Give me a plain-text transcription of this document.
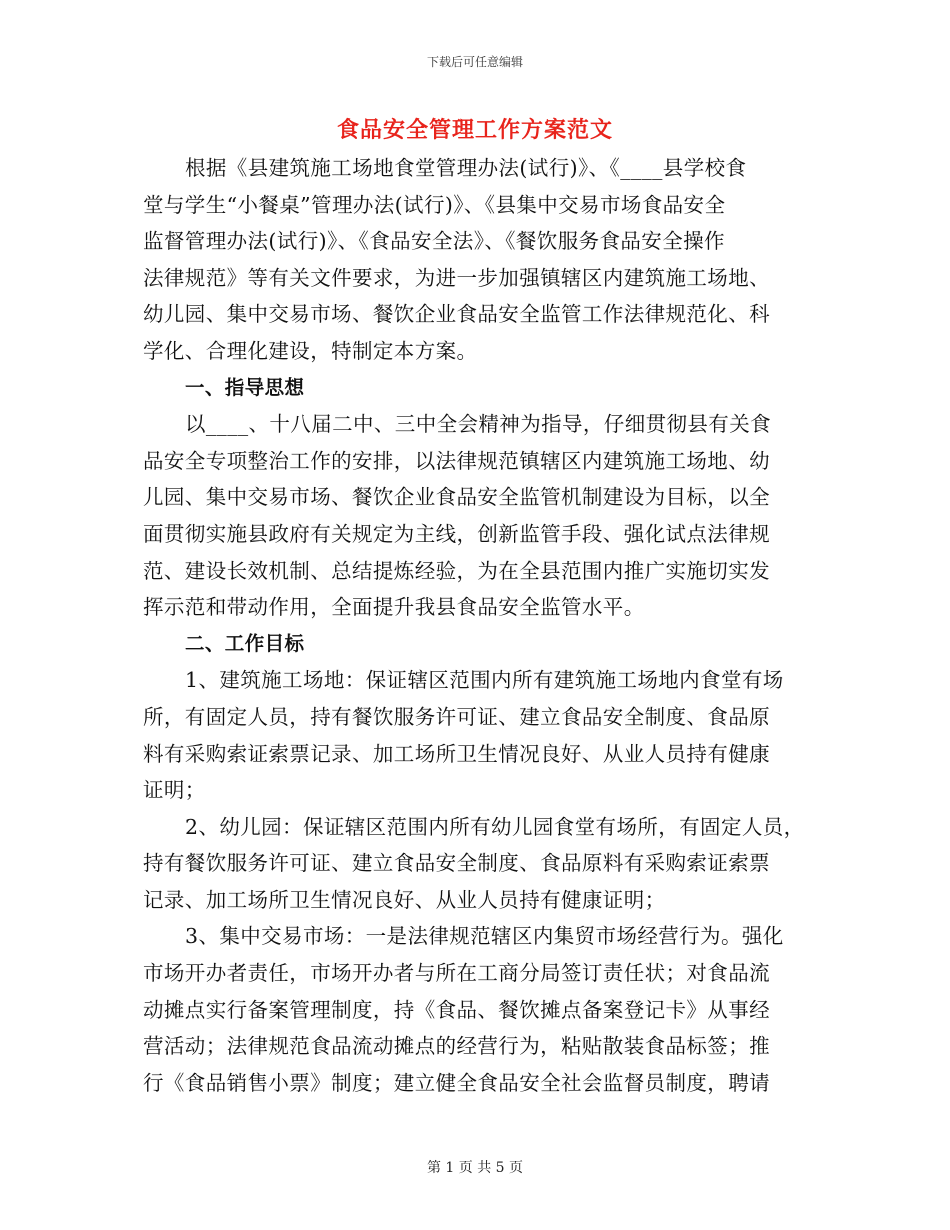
下载后可任意编辑
食品安全管理工作方案范文

根据《县建筑施工场地食堂管理办法(试行)》、《____县学校食
堂与学生“小餐桌”管理办法(试行)》、《县集中交易市场食品安全
监督管理办法(试行)》、《食品安全法》、《餐饮服务食品安全操作
法律规范》等有关文件要求，为进一步加强镇辖区内建筑施工场地、
幼儿园、集中交易市场、餐饮企业食品安全监管工作法律规范化、科
学化、合理化建设，特制定本方案。

一、指导思想

以____、十八届二中、三中全会精神为指导，仔细贯彻县有关食
品安全专项整治工作的安排，以法律规范镇辖区内建筑施工场地、幼
儿园、集中交易市场、餐饮企业食品安全监管机制建设为目标，以全
面贯彻实施县政府有关规定为主线，创新监管手段、强化试点法律规
范、建设长效机制、总结提炼经验，为在全县范围内推广实施切实发
挥示范和带动作用，全面提升我县食品安全监管水平。

二、工作目标

1、建筑施工场地：保证辖区范围内所有建筑施工场地内食堂有场
所，有固定人员，持有餐饮服务许可证、建立食品安全制度、食品原
料有采购索证索票记录、加工场所卫生情况良好、从业人员持有健康
证明；

2、幼儿园：保证辖区范围内所有幼儿园食堂有场所，有固定人员，
持有餐饮服务许可证、建立食品安全制度、食品原料有采购索证索票
记录、加工场所卫生情况良好、从业人员持有健康证明；

3、集中交易市场：一是法律规范辖区内集贸市场经营行为。强化
市场开办者责任，市场开办者与所在工商分局签订责任状；对食品流
动摊点实行备案管理制度，持《食品、餐饮摊点备案登记卡》从事经
营活动；法律规范食品流动摊点的经营行为，粘贴散装食品标签；推
行《食品销售小票》制度；建立健全食品安全社会监督员制度，聘请

第 1 页 共 5 页
